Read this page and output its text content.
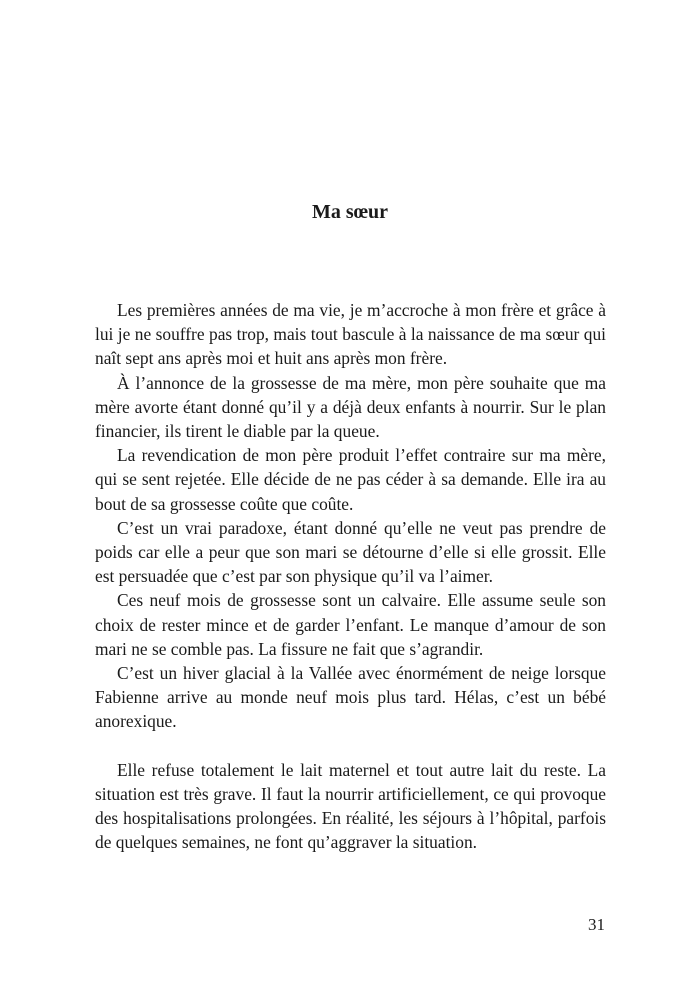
Ma sœur

Les premières années de ma vie, je m’accroche à mon frère et grâce à lui je ne souffre pas trop, mais tout bascule à la naissance de ma sœur qui naît sept ans après moi et huit ans après mon frère.

À l’annonce de la grossesse de ma mère, mon père souhaite que ma mère avorte étant donné qu’il y a déjà deux enfants à nourrir. Sur le plan financier, ils tirent le diable par la queue.

La revendication de mon père produit l’effet contraire sur ma mère, qui se sent rejetée. Elle décide de ne pas céder à sa demande. Elle ira au bout de sa grossesse coûte que coûte.

C’est un vrai paradoxe, étant donné qu’elle ne veut pas prendre de poids car elle a peur que son mari se détourne d’elle si elle grossit. Elle est persuadée que c’est par son physique qu’il va l’aimer.

Ces neuf mois de grossesse sont un calvaire. Elle assume seule son choix de rester mince et de garder l’enfant. Le manque d’amour de son mari ne se comble pas. La fissure ne fait que s’agrandir.

C’est un hiver glacial à la Vallée avec énormément de neige lorsque Fabienne arrive au monde neuf mois plus tard. Hélas, c’est un bébé anorexique.

Elle refuse totalement le lait maternel et tout autre lait du reste. La situation est très grave. Il faut la nourrir artificiellement, ce qui provoque des hospitalisations prolongées. En réalité, les séjours à l’hôpital, parfois de quelques semaines, ne font qu’aggraver la situation.

31
